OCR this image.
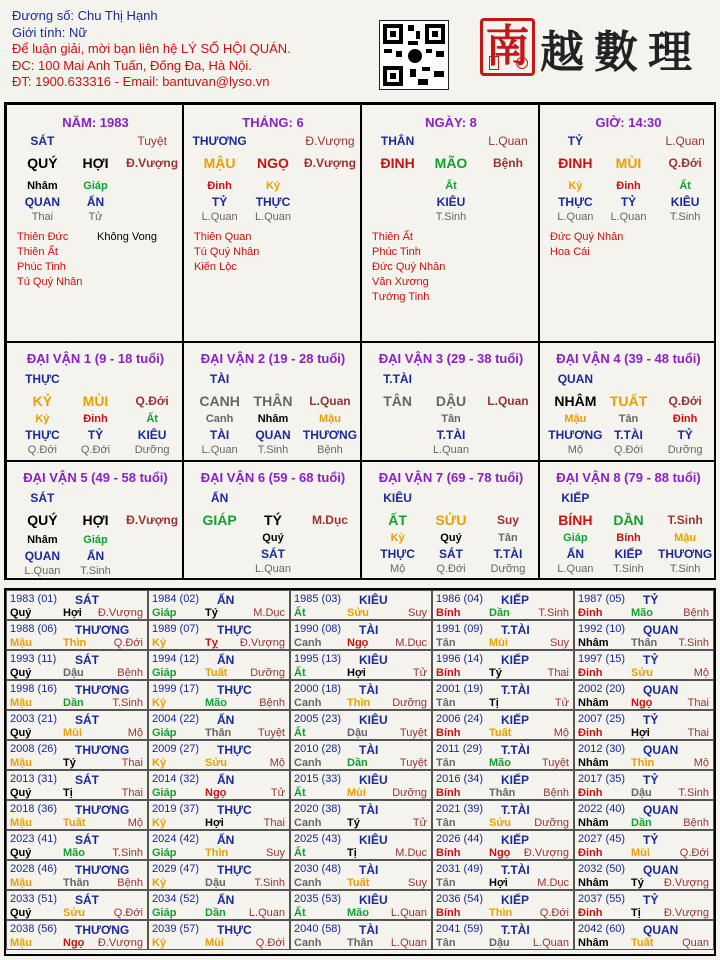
Đương số: Chu Thị Hạnh
Giới tính: Nữ
Để luận giải, mời bạn liên hệ LÝ SỐ HỘI QUÁN.
ĐC: 100 Mai Anh Tuấn, Đống Đa, Hà Nội.
ĐT: 1900.633316 - Email: bantuvan@lyso.vn
南 越數理
NĂM: 1983
SÁT	Tuyệt
QUÝ HỢI Đ.Vượng
Nhâm
QUAN
Thai
Giáp
ẤN
Tử
Thiên Đức
Thiên Ất
Phúc Tinh
Tú Quý Nhân
Không Vong
THÁNG: 6
THƯƠNG	Đ.Vượng
MẬU NGỌ Đ.Vượng
Đinh
TỶ
L.Quan
Kỷ
THỰC
L.Quan
Thiên Quan
Tú Quý Nhân
Kiến Lộc
NGÀY: 8
THÂN	L.Quan
ĐINH MÃO Bệnh
Ất
KIÊU
T.Sinh
Thiên Ất
Phúc Tinh
Đức Quý Nhân
Văn Xương
Tướng Tinh
GIỜ: 14:30
TỶ	L.Quan
ĐINH MÙI Q.Đới
Kỷ
THỰC
L.Quan
Đinh
TỶ
L.Quan
Ất
KIÊU
T.Sinh
Đức Quý Nhân
Hoa Cái
ĐẠI VẬN 1 (9 - 18 tuổi)
THỰC
KỶ MÙI Q.Đới
Kỷ
THỰC
Q.Đới
Đinh
TỶ
Q.Đới
Ất
KIÊU
Dưỡng
ĐẠI VẬN 2 (19 - 28 tuổi)
TÀI
CANH THÂN L.Quan
Canh
TÀI
L.Quan
Nhâm
QUAN
T.Sinh
Mậu
THƯƠNG
Bệnh
ĐẠI VẬN 3 (29 - 38 tuổi)
T.TÀI
TÂN DẬU L.Quan
Tân
T.TÀI
L.Quan
ĐẠI VẬN 4 (39 - 48 tuổi)
QUAN
NHÂM TUẤT Q.Đới
Mậu
THƯƠNG
Mộ
Tân
T.TÀI
Q.Đới
Đinh
TỶ
Dưỡng
ĐẠI VẬN 5 (49 - 58 tuổi)
SÁT
QUÝ HỢI Đ.Vượng
Nhâm
QUAN
L.Quan
Giáp
ẤN
T.Sinh
ĐẠI VẬN 6 (59 - 68 tuổi)
ẤN
GIÁP TÝ	M.Dục
Quý
SÁT
L.Quan
ĐẠI VẬN 7 (69 - 78 tuổi)
KIÊU
ẤT SỬU	Suy
Kỷ
THỰC
Mộ
Quý
SÁT
Q.Đới
Tân
T.TÀI
Dưỡng
ĐẠI VẬN 8 (79 - 88 tuổi)
KIẾP
BÍNH DẦN T.Sinh
Giáp
ẤN
L.Quan
Bính
KIẾP
T.Sinh
Mậu
THƯƠNG
T.Sinh
1983 (01) SÁT
Quý	Hợi Đ.Vượng
1984 (02) ẤN
Giáp	Tý	M.Dục
1985 (03) KIÊU
Ất	Sửu	Suy
1986 (04) KIẾP
Bính	Dần	T.Sinh
1987 (05) TỶ
Đinh	Mão	Bệnh
1988 (06) THƯƠNG
Mậu	Thìn	Q.Đới
1989 (07) THỰC
Kỷ	Tỵ Đ.Vượng
1990 (08) TÀI
Canh Ngọ M.Dục
1991 (09) T.TÀI
Tân	Mùi	Suy
1992 (10) QUAN
Nhâm Thân T.Sinh
1993 (11) SÁT
Quý	Dậu	Bệnh
1994 (12) ẤN
Giáp	Tuất Dưỡng
1995 (13) KIÊU
Ất	Hợi	Tử
1996 (14) KIẾP
Bính	Tý	Thai
1997 (15) TỶ
Đinh	Sửu	Mộ
1998 (16) THƯƠNG
Mậu	Dần	T.Sinh
1999 (17) THỰC
Kỷ	Mão	Bệnh
2000 (18) TÀI
Canh Thìn Dưỡng
2001 (19) T.TÀI
Tân	Tị	Tử
2002 (20) QUAN
Nhâm Ngọ	Thai
2003 (21) SÁT
Quý	Mùi	Mộ
2004 (22) ẤN
Giáp	Thân Tuyệt
2005 (23) KIÊU
Ất	Dậu	Tuyệt
2006 (24) KIẾP
Bính	Tuất	Mộ
2007 (25) TỶ
Đinh	Hợi	Thai
2008 (26) THƯƠNG
Mậu	Tý	Thai
2009 (27) THỰC
Kỷ	Sửu	Mộ
2010 (28) TÀI
Canh Dần	Tuyệt
2011 (29) T.TÀI
Tân	Mão	Tuyệt
2012 (30) QUAN
Nhâm Thìn	Mộ
2013 (31) SÁT
Quý	Tị	Thai
2014 (32) ẤN
Giáp	Ngọ	Tử
2015 (33) KIÊU
Ất	Mùi Dưỡng
2016 (34) KIẾP
Bính	Thân	Bệnh
2017 (35) TỶ
Đinh	Dậu T.Sinh
2018 (36) THƯƠNG
Mậu	Tuất	Mộ
2019 (37) THỰC
Kỷ	Hợi	Thai
2020 (38) TÀI
Canh Tý	Tử
2021 (39) T.TÀI
Tân	Sửu Dưỡng
2022 (40) QUAN
Nhâm Dần	Bệnh
2023 (41) SÁT
Quý	Mão T.Sinh
2024 (42) ẤN
Giáp	Thìn	Suy
2025 (43) KIÊU
Ất	Tị	M.Dục
2026 (44) KIẾP
Bính	Ngọ Đ.Vượng
2027 (45) TỶ
Đinh	Mùi	Q.Đới
2028 (46) THƯƠNG
Mậu	Thân	Bệnh
2029 (47) THỰC
Kỷ	Dậu	T.Sinh
2030 (48) TÀI
Canh Tuất	Suy
2031 (49) T.TÀI
Tân	Hợi	M.Dục
2032 (50) QUAN
Nhâm Tý Đ.Vượng
2033 (51) SÁT
Quý	Sửu	Q.Đới
2034 (52) ẤN
Giáp	Dần L.Quan
2035 (53) KIÊU
Ất	Mão L.Quan
2036 (54) KIẾP
Bính	Thìn	Q.Đới
2037 (55) TỶ
Đinh	Tị Đ.Vượng
2038 (56) THƯƠNG
Mậu	Ngọ Đ.Vượng
2039 (57) THỰC
Kỷ	Mùi	Q.Đới
2040 (58) TÀI
Canh Thân L.Quan
2041 (59) T.TÀI
Tân	Dậu L.Quan
2042 (60) QUAN
Nhâm Tuất	Quan
